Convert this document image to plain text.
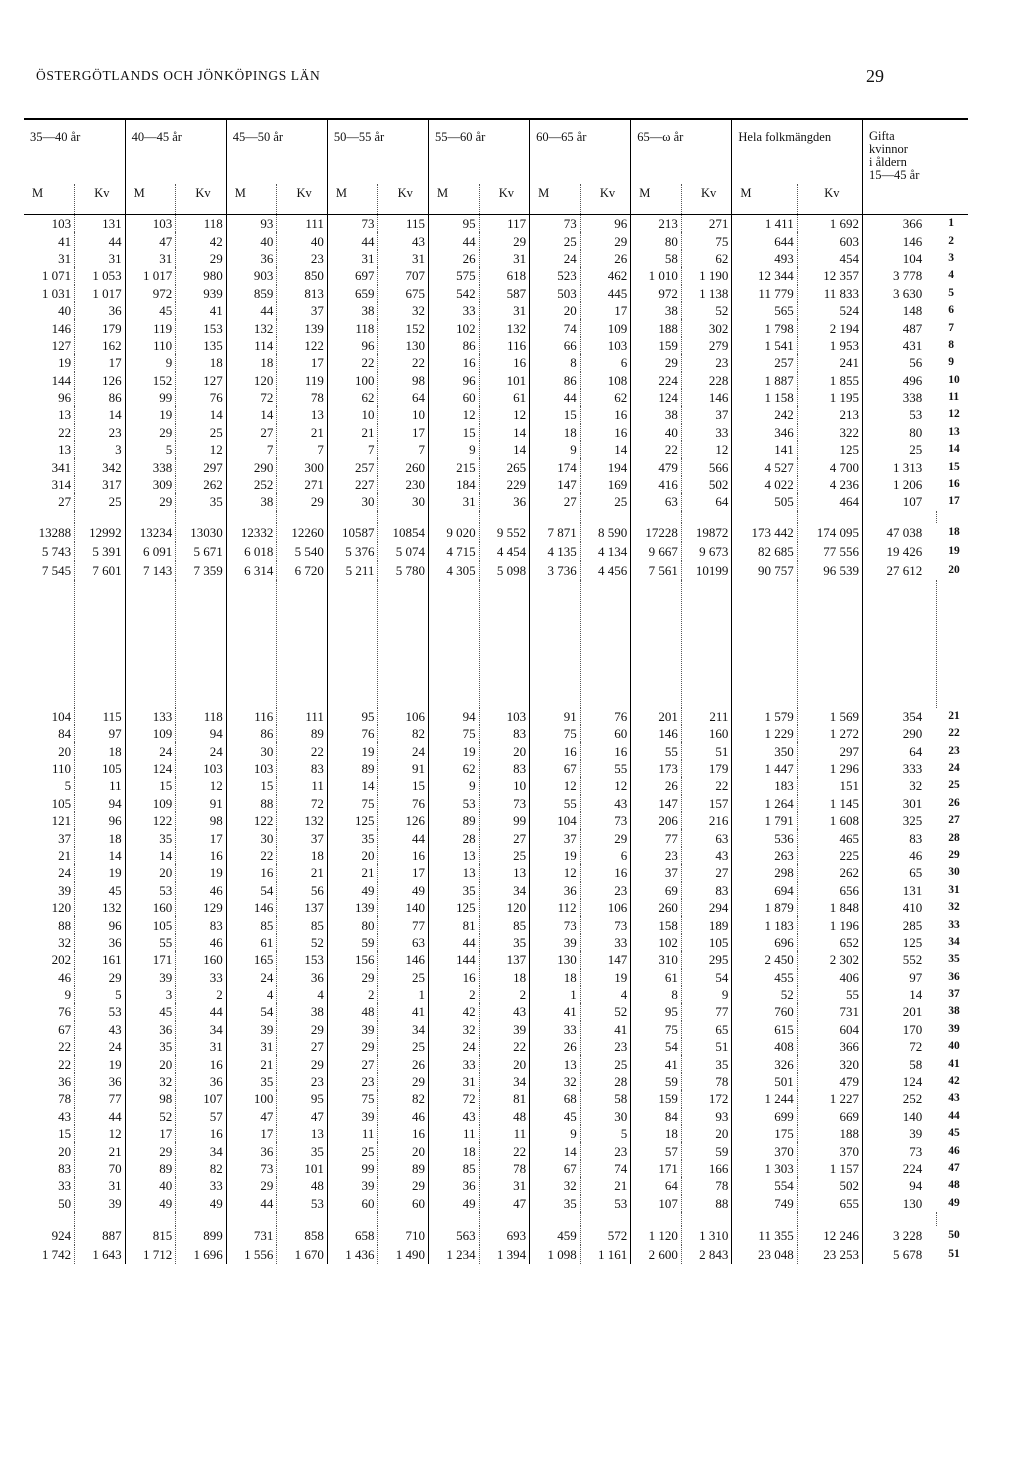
ÖSTERGÖTLANDS OCH JÖNKÖPINGS LÄN	29
35—40 år		40—45 år		45—50 år		50—55 år		55—60 år		60—65 år		65—ω år		Hela folkmängden		Gifta
kvinnor
i åldern
15—45 år	

M	Kv	M	Kv	M	Kv	M	Kv	M	Kv	M	Kv	M	Kv	M	Kv		
103	131	103	118	93	111	73	115	95	117	73	96	213	271	1 411	1 692	366	1
41	44	47	42	40	40	44	43	44	29	25	29	80	75	644	603	146	2
31	31	31	29	36	23	31	31	26	31	24	26	58	62	493	454	104	3
1 071	1 053	1 017	980	903	850	697	707	575	618	523	462	1 010	1 190	12 344	12 357	3 778	4
1 031	1 017	972	939	859	813	659	675	542	587	503	445	972	1 138	11 779	11 833	3 630	5
40	36	45	41	44	37	38	32	33	31	20	17	38	52	565	524	148	6
146	179	119	153	132	139	118	152	102	132	74	109	188	302	1 798	2 194	487	7
127	162	110	135	114	122	96	130	86	116	66	103	159	279	1 541	1 953	431	8
19	17	9	18	18	17	22	22	16	16	8	6	29	23	257	241	56	9
144	126	152	127	120	119	100	98	96	101	86	108	224	228	1 887	1 855	496	10
96	86	99	76	72	78	62	64	60	61	44	62	124	146	1 158	1 195	338	11
13	14	19	14	14	13	10	10	12	12	15	16	38	37	242	213	53	12
22	23	29	25	27	21	21	17	15	14	18	16	40	33	346	322	80	13
13	3	5	12	7	7	7	7	9	14	9	14	22	12	141	125	25	14
341	342	338	297	290	300	257	260	215	265	174	194	479	566	4 527	4 700	1 313	15
314	317	309	262	252	271	227	230	184	229	147	169	416	502	4 022	4 236	1 206	16
27	25	29	35	38	29	30	30	31	36	27	25	63	64	505	464	107	17

13288	12992	13234	13030	12332	12260	10587	10854	9 020	9 552	7 871	8 590	17228	19872	173 442	174 095	47 038	18
5 743	5 391	6 091	5 671	6 018	5 540	5 376	5 074	4 715	4 454	4 135	4 134	9 667	9 673	82 685	77 556	19 426	19
7 545	7 601	7 143	7 359	6 314	6 720	5 211	5 780	4 305	5 098	3 736	4 456	7 561	10199	90 757	96 539	27 612	20

104	115	133	118	116	111	95	106	94	103	91	76	201	211	1 579	1 569	354	21
84	97	109	94	86	89	76	82	75	83	75	60	146	160	1 229	1 272	290	22
20	18	24	24	30	22	19	24	19	20	16	16	55	51	350	297	64	23
110	105	124	103	103	83	89	91	62	83	67	55	173	179	1 447	1 296	333	24
5	11	15	12	15	11	14	15	9	10	12	12	26	22	183	151	32	25
105	94	109	91	88	72	75	76	53	73	55	43	147	157	1 264	1 145	301	26
121	96	122	98	122	132	125	126	89	99	104	73	206	216	1 791	1 608	325	27
37	18	35	17	30	37	35	44	28	27	37	29	77	63	536	465	83	28
21	14	14	16	22	18	20	16	13	25	19	6	23	43	263	225	46	29
24	19	20	19	16	21	21	17	13	13	12	16	37	27	298	262	65	30
39	45	53	46	54	56	49	49	35	34	36	23	69	83	694	656	131	31
120	132	160	129	146	137	139	140	125	120	112	106	260	294	1 879	1 848	410	32
88	96	105	83	85	85	80	77	81	85	73	73	158	189	1 183	1 196	285	33
32	36	55	46	61	52	59	63	44	35	39	33	102	105	696	652	125	34
202	161	171	160	165	153	156	146	144	137	130	147	310	295	2 450	2 302	552	35
46	29	39	33	24	36	29	25	16	18	18	19	61	54	455	406	97	36
9	5	3	2	4	4	2	1	2	2	1	4	8	9	52	55	14	37
76	53	45	44	54	38	48	41	42	43	41	52	95	77	760	731	201	38
67	43	36	34	39	29	39	34	32	39	33	41	75	65	615	604	170	39
22	24	35	31	31	27	29	25	24	22	26	23	54	51	408	366	72	40
22	19	20	16	21	29	27	26	33	20	13	25	41	35	326	320	58	41
36	36	32	36	35	23	23	29	31	34	32	28	59	78	501	479	124	42
78	77	98	107	100	95	75	82	72	81	68	58	159	172	1 244	1 227	252	43
43	44	52	57	47	47	39	46	43	48	45	30	84	93	699	669	140	44
15	12	17	16	17	13	11	16	11	11	9	5	18	20	175	188	39	45
20	21	29	34	36	35	25	20	18	22	14	23	57	59	370	370	73	46
83	70	89	82	73	101	99	89	85	78	67	74	171	166	1 303	1 157	224	47
33	31	40	33	29	48	39	29	36	31	32	21	64	78	554	502	94	48
50	39	49	49	44	53	60	60	49	47	35	53	107	88	749	655	130	49

924	887	815	899	731	858	658	710	563	693	459	572	1 120	1 310	11 355	12 246	3 228	50
1 742	1 643	1 712	1 696	1 556	1 670	1 436	1 490	1 234	1 394	1 098	1 161	2 600	2 843	23 048	23 253	5 678	51
